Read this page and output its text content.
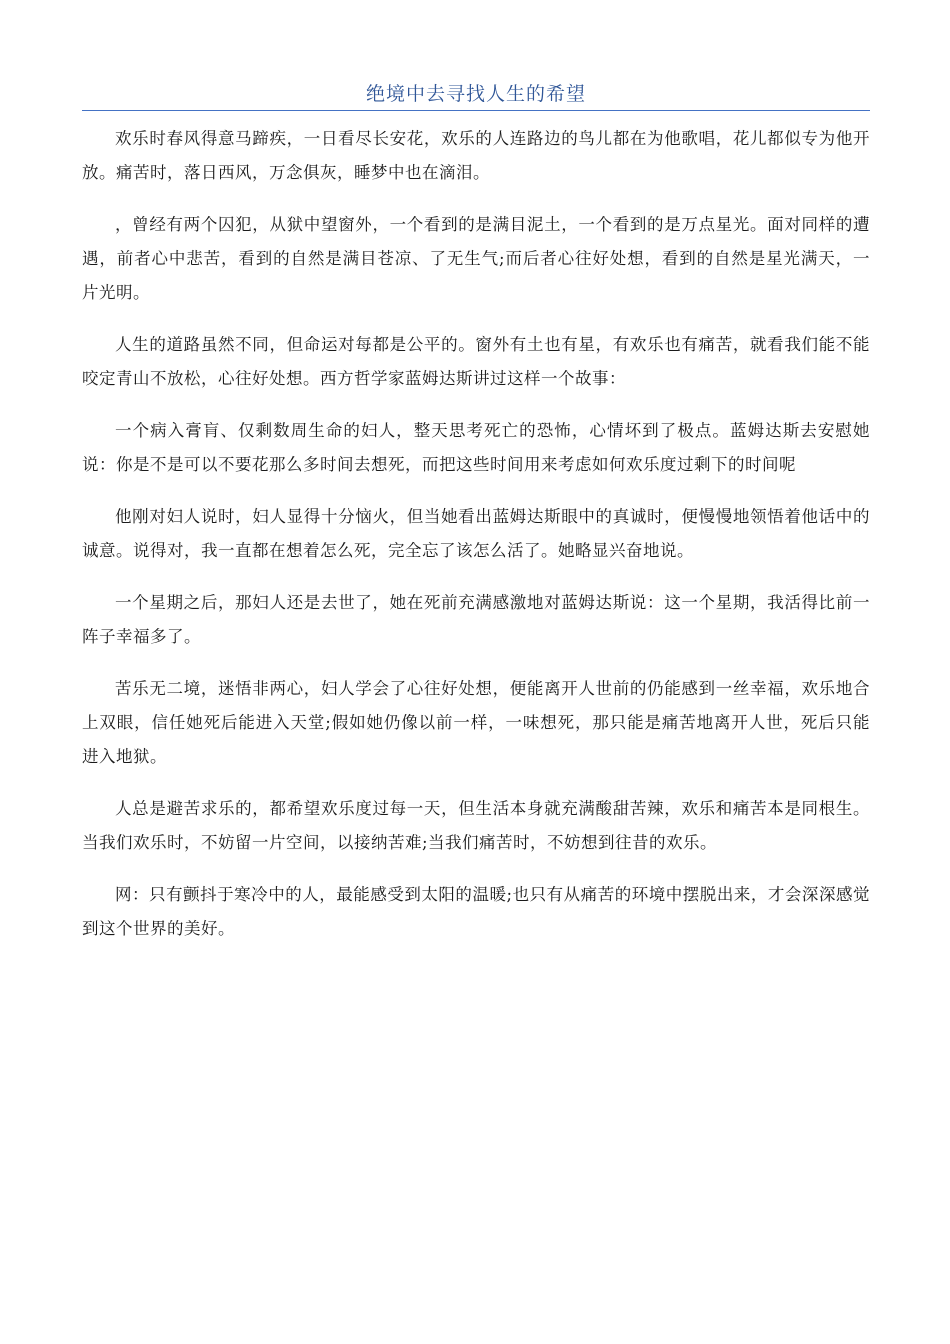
绝境中去寻找人生的希望

欢乐时春风得意马蹄疾，一日看尽长安花，欢乐的人连路边的鸟儿都在为他歌唱，花儿都似专为他开放。痛苦时，落日西风，万念俱灰，睡梦中也在滴泪。

，曾经有两个囚犯，从狱中望窗外，一个看到的是满目泥土，一个看到的是万点星光。面对同样的遭遇，前者心中悲苦，看到的自然是满目苍凉、了无生气;而后者心往好处想，看到的自然是星光满天，一片光明。

人生的道路虽然不同，但命运对每都是公平的。窗外有土也有星，有欢乐也有痛苦，就看我们能不能咬定青山不放松，心往好处想。西方哲学家蓝姆达斯讲过这样一个故事：

一个病入膏肓、仅剩数周生命的妇人，整天思考死亡的恐怖，心情坏到了极点。蓝姆达斯去安慰她说：你是不是可以不要花那么多时间去想死，而把这些时间用来考虑如何欢乐度过剩下的时间呢

他刚对妇人说时，妇人显得十分恼火，但当她看出蓝姆达斯眼中的真诚时，便慢慢地领悟着他话中的诚意。说得对，我一直都在想着怎么死，完全忘了该怎么活了。她略显兴奋地说。

一个星期之后，那妇人还是去世了，她在死前充满感激地对蓝姆达斯说：这一个星期，我活得比前一阵子幸福多了。

苦乐无二境，迷悟非两心，妇人学会了心往好处想，便能离开人世前的仍能感到一丝幸福，欢乐地合上双眼，信任她死后能进入天堂;假如她仍像以前一样，一味想死，那只能是痛苦地离开人世，死后只能进入地狱。

人总是避苦求乐的，都希望欢乐度过每一天，但生活本身就充满酸甜苦辣，欢乐和痛苦本是同根生。当我们欢乐时，不妨留一片空间，以接纳苦难;当我们痛苦时，不妨想到往昔的欢乐。

网：只有颤抖于寒冷中的人，最能感受到太阳的温暖;也只有从痛苦的环境中摆脱出来，才会深深感觉到这个世界的美好。
